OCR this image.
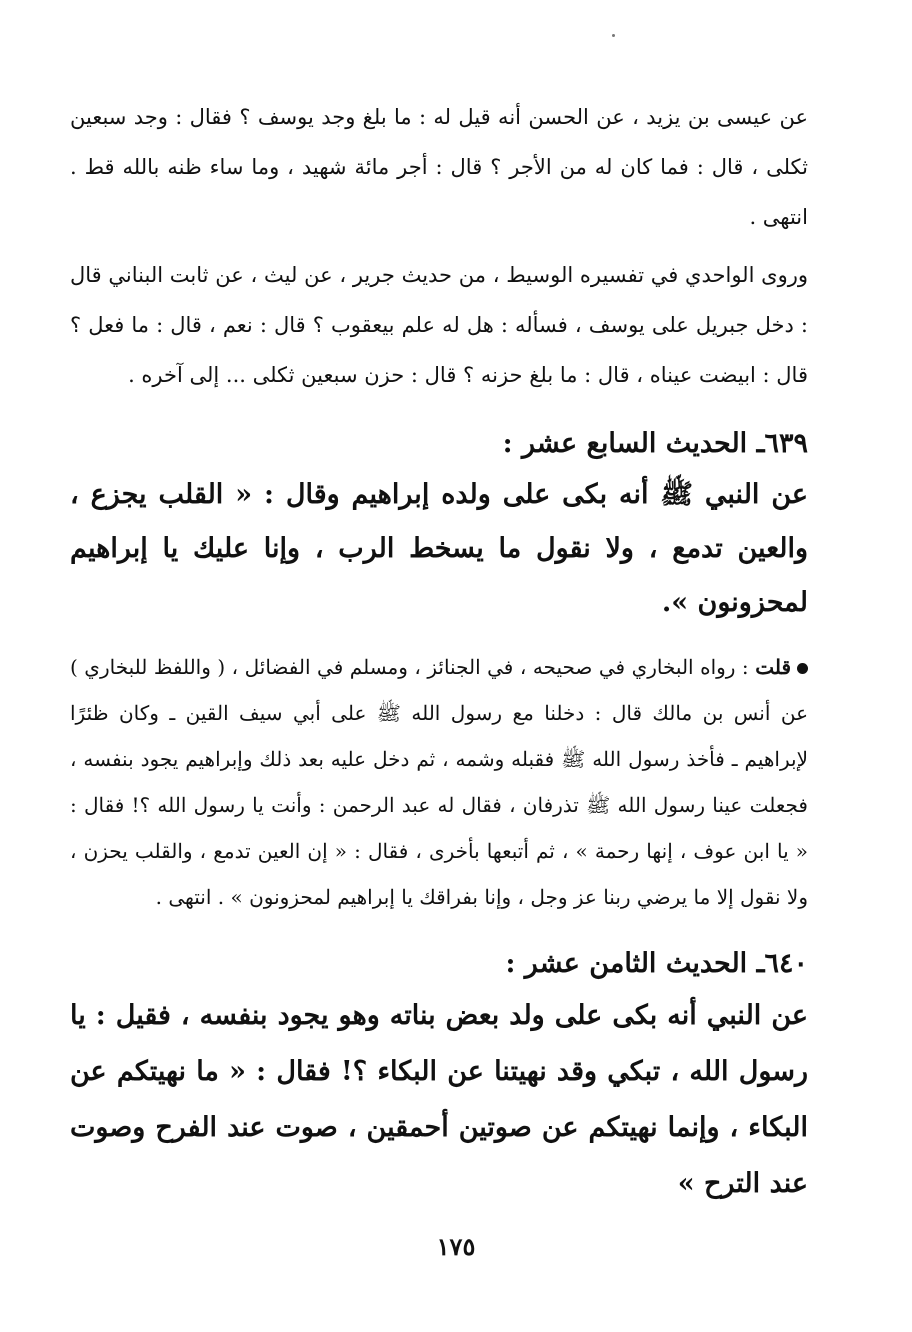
عن عيسى بن يزيد ، عن الحسن أنه قيل له : ما بلغ وجد يوسف ؟ فقال : وجد سبعين ثكلى ، قال : فما كان له من الأجر ؟ قال : أجر مائة شهيد ، وما ساء ظنه بالله قط . انتهى .

وروى الواحدي في تفسيره الوسيط ، من حديث جرير ، عن ليث ، عن ثابت البناني قال : دخل جبريل على يوسف ، فسأله : هل له علم بيعقوب ؟ قال : نعم ، قال : ما فعل ؟ قال : ابيضت عيناه ، قال : ما بلغ حزنه ؟ قال : حزن سبعين ثكلى ... إلى آخره .

٦٣٩ـ الحديث السابع عشر :

عن النبي ﷺ أنه بكى على ولده إبراهيم وقال : « القلب يجزع ، والعين تدمع ، ولا نقول ما يسخط الرب ، وإنا عليك يا إبراهيم لمحزونون ».

قلت : رواه البخاري في صحيحه ، في الجنائز ، ومسلم في الفضائل ، ( واللفظ للبخاري ) عن أنس بن مالك قال : دخلنا مع رسول الله ﷺ على أبي سيف القين ـ وكان ظئرًا لإبراهيم ـ فأخذ رسول الله ﷺ فقبله وشمه ، ثم دخل عليه بعد ذلك وإبراهيم يجود بنفسه ، فجعلت عينا رسول الله ﷺ تذرفان ، فقال له عبد الرحمن : وأنت يا رسول الله ؟! فقال : « يا ابن عوف ، إنها رحمة » ، ثم أتبعها بأخرى ، فقال : « إن العين تدمع ، والقلب يحزن ، ولا نقول إلا ما يرضي ربنا عز وجل ، وإنا بفراقك يا إبراهيم لمحزونون » . انتهى .

٦٤٠ـ الحديث الثامن عشر :

عن النبي أنه بكى على ولد بعض بناته وهو يجود بنفسه ، فقيل : يا رسول الله ، تبكي وقد نهيتنا عن البكاء ؟! فقال : « ما نهيتكم عن البكاء ، وإنما نهيتكم عن صوتين أحمقين ، صوت عند الفرح وصوت عند الترح »

١٧٥
